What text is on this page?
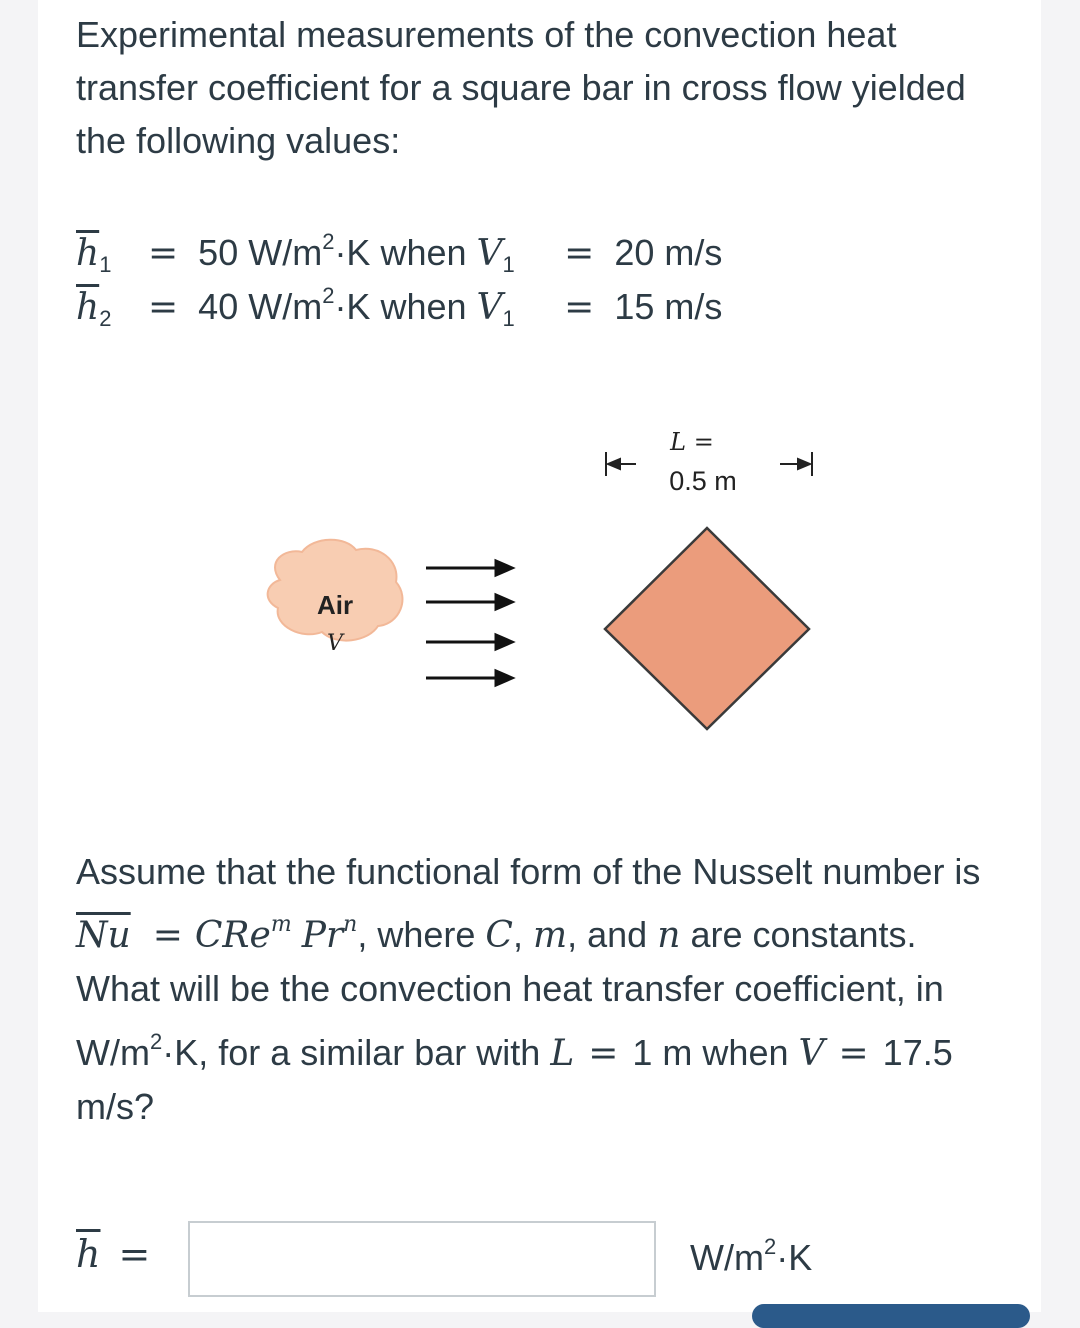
Experimental measurements of the convection heat transfer coefficient for a square bar in cross flow yielded the following values:
$\overline{h}_1 = 50$ $W/m^2\cdot K$ when $V_1 = 20$ m/s
$\overline{h}_2 = 40$ $W/m^2\cdot K$ when $V_1 = 15$ m/s
L =
0.5 m
Air
V
Assume that the functional form of the Nusselt number is $\overline{Nu} = CRe^m$ Pr$^n$, where C, m, and n are constants. What will be the convection heat transfer coefficient, in $W/m^2\cdot K$, for a similar bar with L = 1 m when V = 17.5 m/s?
$\overline{h}$ =	$W/m^2\cdot K$
